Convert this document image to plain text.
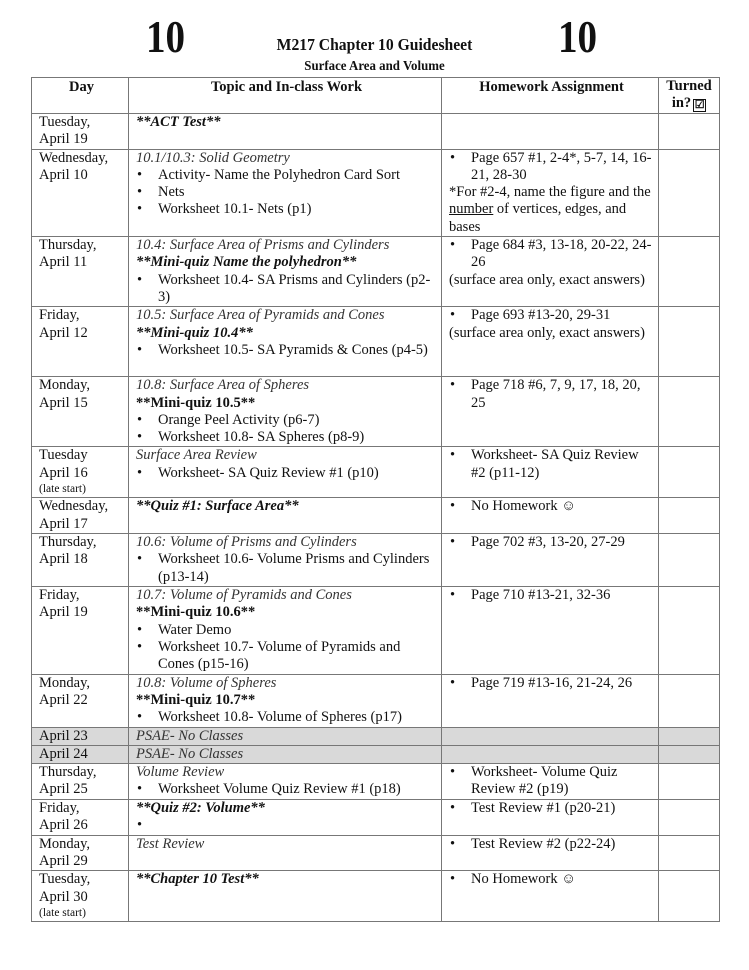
10	10
M217 Chapter 10 Guidesheet
Surface Area and Volume
Day	Topic and In-class Work	Homework Assignment	Turned in? ☑

Tuesday,
April 19	**ACT Test**		

Wednesday,
April 10	10.1/10.3: Solid Geometry
• Activity- Name the Polyhedron Card Sort
• Nets
• Worksheet 10.1- Nets (p1)	• Page 657 #1, 2-4*, 5-7, 14, 16-21, 28-30
*For #2-4, name the figure and the number of vertices, edges, and bases

Thursday,
April 11	10.4: Surface Area of Prisms and Cylinders
**Mini-quiz Name the polyhedron**
• Worksheet 10.4- SA Prisms and Cylinders (p2-3)	• Page 684 #3, 13-18, 20-22, 24-26
(surface area only, exact answers)

Friday,
April 12	10.5: Surface Area of Pyramids and Cones
**Mini-quiz 10.4**
• Worksheet 10.5- SA Pyramids & Cones (p4-5)	• Page 693 #13-20, 29-31
(surface area only, exact answers)

Monday,
April 15	10.8: Surface Area of Spheres
**Mini-quiz 10.5**
• Orange Peel Activity (p6-7)
• Worksheet 10.8- SA Spheres (p8-9)	• Page 718 #6, 7, 9, 17, 18, 20, 25

Tuesday
April 16
(late start)	Surface Area Review
• Worksheet- SA Quiz Review #1 (p10)	• Worksheet- SA Quiz Review #2 (p11-12)

Wednesday,
April 17	**Quiz #1: Surface Area**	• No Homework ☺

Thursday,
April 18	10.6: Volume of Prisms and Cylinders
• Worksheet 10.6- Volume Prisms and Cylinders (p13-14)	• Page 702 #3, 13-20, 27-29

Friday,
April 19	10.7: Volume of Pyramids and Cones
**Mini-quiz 10.6**
• Water Demo
• Worksheet 10.7- Volume of Pyramids and Cones (p15-16)	• Page 710 #13-21, 32-36

Monday,
April 22	10.8: Volume of Spheres
**Mini-quiz 10.7**
• Worksheet 10.8- Volume of Spheres (p17)	• Page 719 #13-16, 21-24, 26

April 23	PSAE- No Classes		

April 24	PSAE- No Classes		

Thursday,
April 25	Volume Review
• Worksheet Volume Quiz Review #1 (p18)	• Worksheet- Volume Quiz Review #2 (p19)

Friday,
April 26	**Quiz #2: Volume**	• Test Review #1 (p20-21)

Monday,
April 29	Test Review	• Test Review #2 (p22-24)

Tuesday,
April 30
(late start)	**Chapter 10 Test**	• No Homework ☺
